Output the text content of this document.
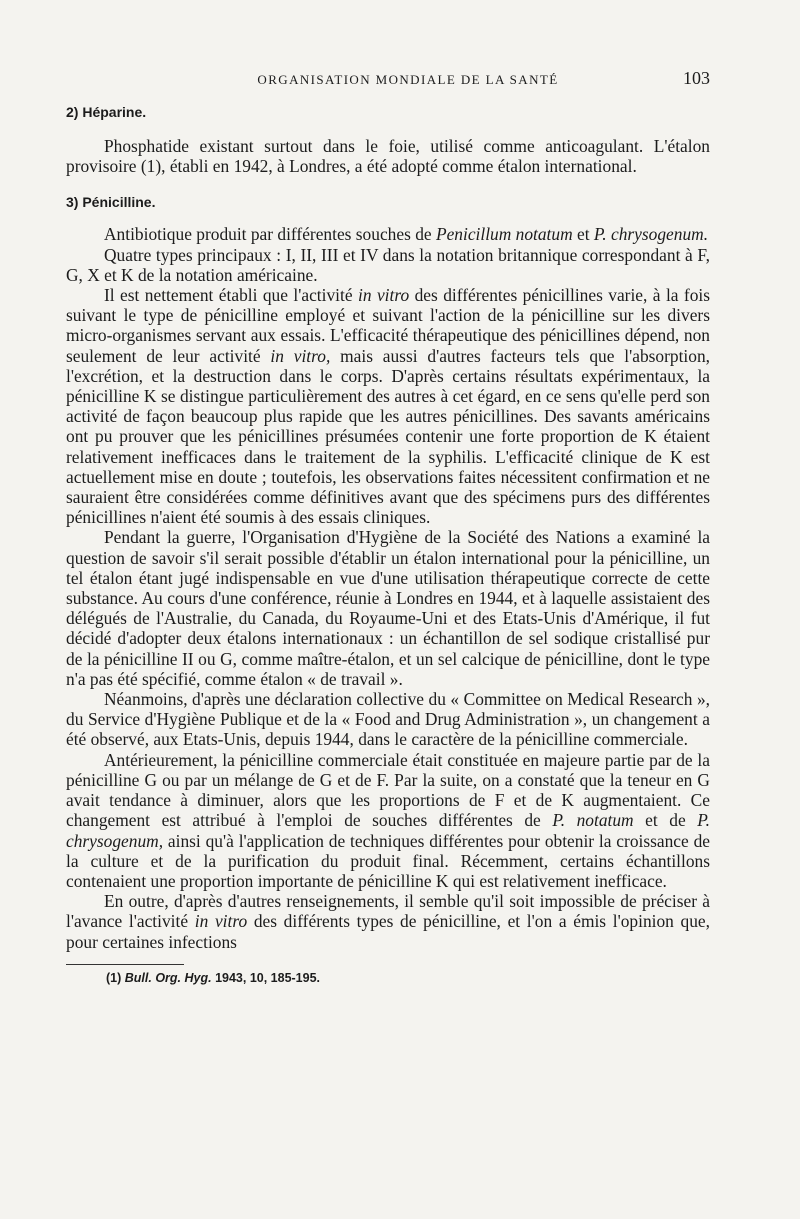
ORGANISATION MONDIALE DE LA SANTÉ	103
2) Héparine.

Phosphatide existant surtout dans le foie, utilisé comme anticoagulant. L'étalon provisoire (1), établi en 1942, à Londres, a été adopté comme étalon international.

3) Pénicilline.

Antibiotique produit par différentes souches de Penicillum notatum et P. chrysogenum.

Quatre types principaux : I, II, III et IV dans la notation britannique correspondant à F, G, X et K de la notation américaine.

Il est nettement établi que l'activité in vitro des différentes pénicillines varie, à la fois suivant le type de pénicilline employé et suivant l'action de la pénicilline sur les divers micro-organismes servant aux essais. L'efficacité thérapeutique des pénicillines dépend, non seulement de leur activité in vitro, mais aussi d'autres facteurs tels que l'absorption, l'excrétion, et la destruction dans le corps. D'après certains résultats expérimentaux, la pénicilline K se distingue particulièrement des autres à cet égard, en ce sens qu'elle perd son activité de façon beaucoup plus rapide que les autres pénicillines. Des savants américains ont pu prouver que les pénicillines présumées contenir une forte proportion de K étaient relativement inefficaces dans le traitement de la syphilis. L'efficacité clinique de K est actuellement mise en doute ; toutefois, les observations faites nécessitent confirmation et ne sauraient être considérées comme définitives avant que des spécimens purs des différentes pénicillines n'aient été soumis à des essais cliniques.

Pendant la guerre, l'Organisation d'Hygiène de la Société des Nations a examiné la question de savoir s'il serait possible d'établir un étalon international pour la pénicilline, un tel étalon étant jugé indispensable en vue d'une utilisation thérapeutique correcte de cette substance. Au cours d'une conférence, réunie à Londres en 1944, et à laquelle assistaient des délégués de l'Australie, du Canada, du Royaume-Uni et des Etats-Unis d'Amérique, il fut décidé d'adopter deux étalons internationaux : un échantillon de sel sodique cristallisé pur de la pénicilline II ou G, comme maître-étalon, et un sel calcique de pénicilline, dont le type n'a pas été spécifié, comme étalon « de travail ».

Néanmoins, d'après une déclaration collective du « Committee on Medical Research », du Service d'Hygiène Publique et de la « Food and Drug Administration », un changement a été observé, aux Etats-Unis, depuis 1944, dans le caractère de la pénicilline commerciale.

Antérieurement, la pénicilline commerciale était constituée en majeure partie par de la pénicilline G ou par un mélange de G et de F. Par la suite, on a constaté que la teneur en G avait tendance à diminuer, alors que les proportions de F et de K augmentaient. Ce changement est attribué à l'emploi de souches différentes de P. notatum et de P. chrysogenum, ainsi qu'à l'application de techniques différentes pour obtenir la croissance de la culture et de la purification du produit final. Récemment, certains échantillons contenaient une proportion importante de pénicilline K qui est relativement inefficace.

En outre, d'après d'autres renseignements, il semble qu'il soit impossible de préciser à l'avance l'activité in vitro des différents types de pénicilline, et l'on a émis l'opinion que, pour certaines infections

(1) Bull. Org. Hyg. 1943, 10, 185-195.
